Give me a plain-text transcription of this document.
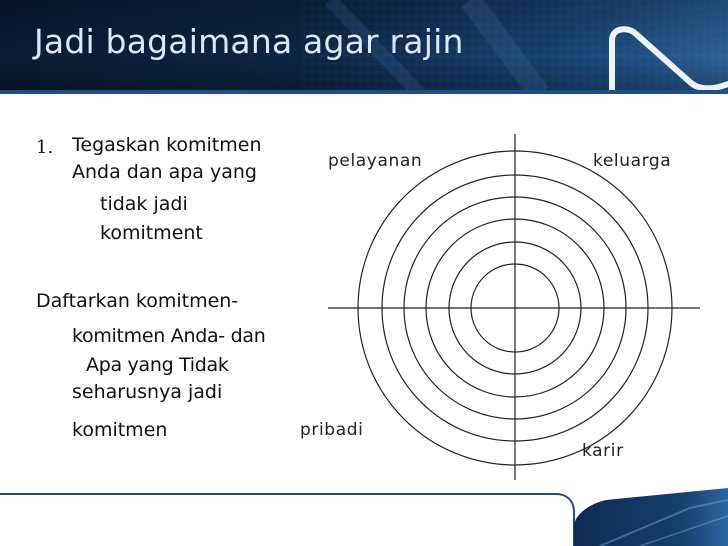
Jadi bagaimana agar rajin
1. Tegaskan komitmen
Anda dan apa yang
tidak jadi
komitment
Daftarkan komitmen-
komitmen Anda- dan
Apa yang Tidak
seharusnya jadi
komitmen
pelayanan	keluarga
pribadi
karir
